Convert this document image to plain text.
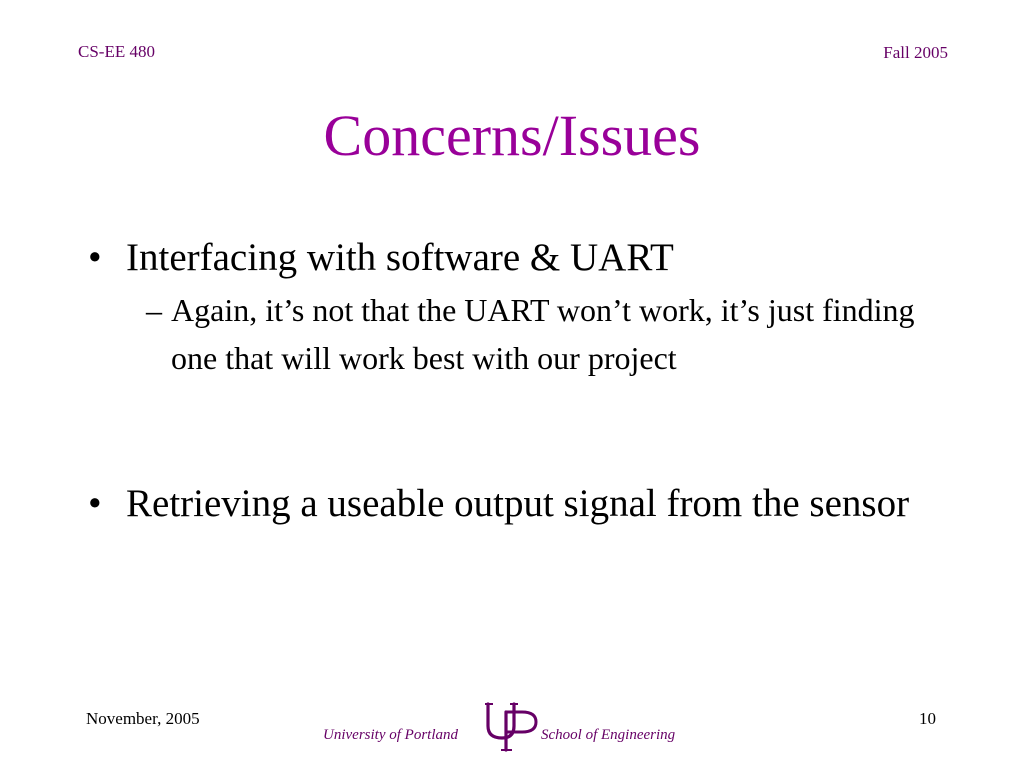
CS-EE 480	Fall 2005
Concerns/Issues
• Interfacing with software & UART
– Again, it’s not that the UART won’t work, it’s just finding one that will work best with our project
• Retrieving a useable output signal from the sensor
November, 2005	10
University of Portland	School of Engineering
